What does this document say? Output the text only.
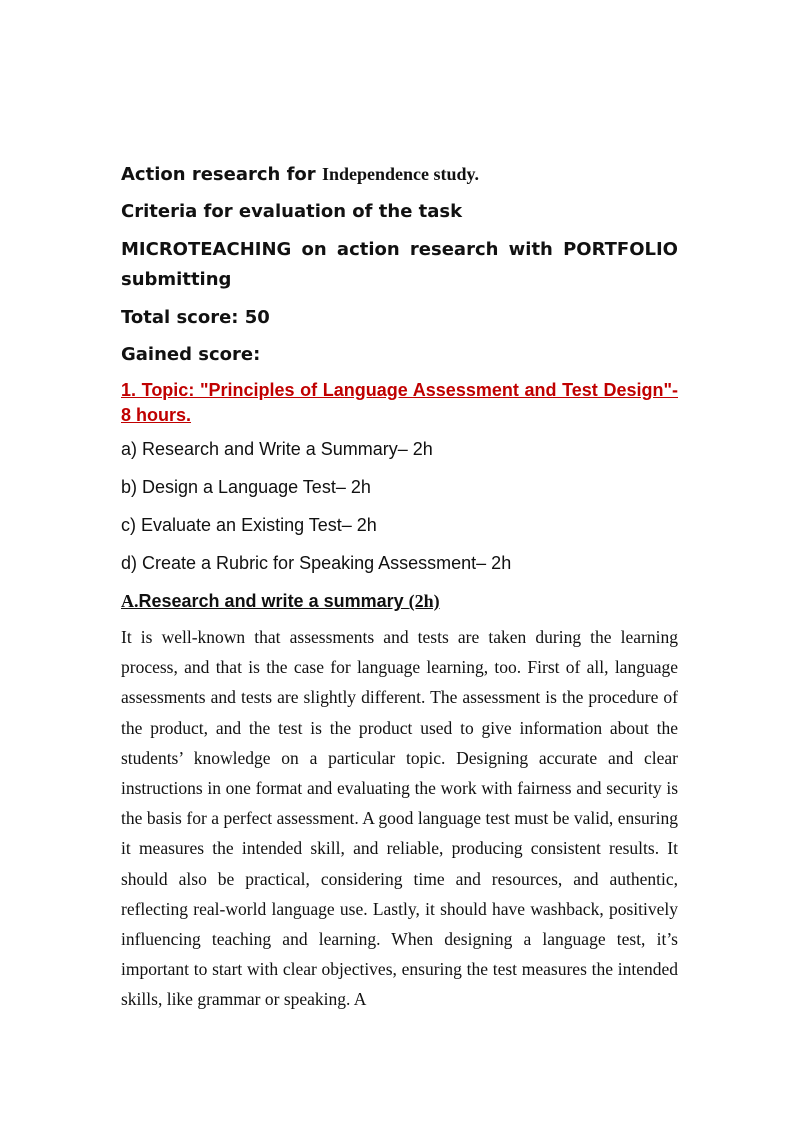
Action research for Independence study.
Criteria for evaluation of the task
MICROTEACHING on action research with PORTFOLIO submitting
Total score: 50
Gained score:
1. Topic: "Principles of Language Assessment and Test Design"- 8 hours.
a) Research and Write a Summary– 2h
b) Design a Language Test– 2h
c) Evaluate an Existing Test– 2h
d) Create a Rubric for Speaking Assessment– 2h
A.Research and write a summary (2h)

It is well-known that assessments and tests are taken during the learning process, and that is the case for language learning, too. First of all, language assessments and tests are slightly different. The assessment is the procedure of the product, and the test is the product used to give information about the students’ knowledge on a particular topic. Designing accurate and clear instructions in one format and evaluating the work with fairness and security is the basis for a perfect assessment. A good language test must be valid, ensuring it measures the intended skill, and reliable, producing consistent results. It should also be practical, considering time and resources, and authentic, reflecting real-world language use. Lastly, it should have washback, positively influencing teaching and learning. When designing a language test, it’s important to start with clear objectives, ensuring the test measures the intended skills, like grammar or speaking. A
